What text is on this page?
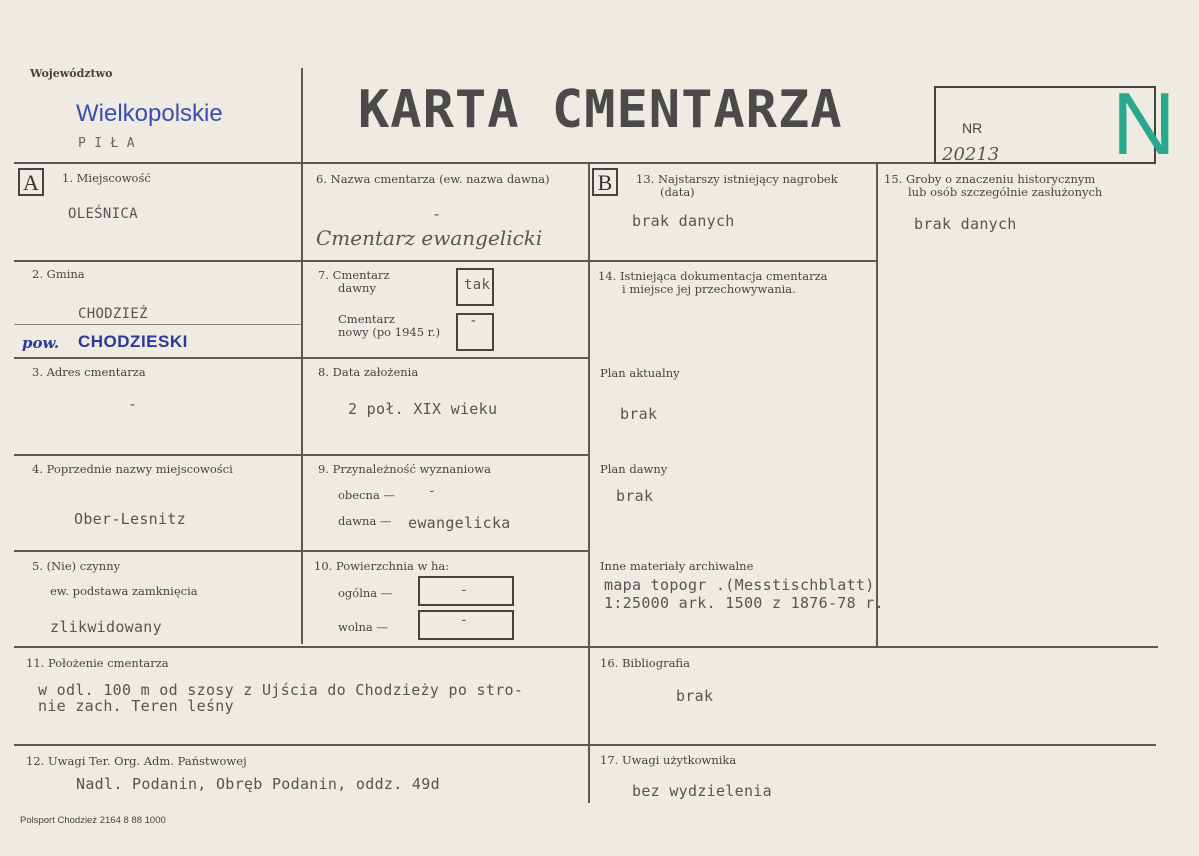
Województwo
Wielkopolskie
P I Ł A
KARTA CMENTARZA	NR
20213 N
A	B
1. Miejscowość
OLEŚNICA
2. Gmina
CHODZIEŻ
pow. CHODZIESKI
3. Adres cmentarza
-
4. Poprzednie nazwy miejscowości
Ober-Lesnitz
5. (Nie) czynny
ew. podstawa zamknięcia
zlikwidowany
6. Nazwa cmentarza (ew. nazwa dawna)
-
Cmentarz ewangelicki
7. Cmentarz
dawny	tak
Cmentarz
nowy (po 1945 r.)
-
8. Data założenia
2 poł. XIX wieku
9. Przynależność wyznaniowa
obecna —	-
dawna — ewangelicka
10. Powierzchnia w ha:
ogólna —	-
wolna —	-
11. Położenie cmentarza
w odl. 100 m od szosy z Ujścia do Chodzieży po stro-
nie zach. Teren leśny
12. Uwagi Ter. Org. Adm. Państwowej
Nadl. Podanin, Obręb Podanin, oddz. 49d
13. Najstarszy istniejący nagrobek
(data)
brak danych
14. Istniejąca dokumentacja cmentarza
i miejsce jej przechowywania.
Plan aktualny
brak
Plan dawny
brak
Inne materiały archiwalne
mapa topogr .(Messtischblatt)
1:25000 ark. 1500 z 1876-78 r.
15. Groby o znaczeniu historycznym
lub osób szczególnie zasłużonych
brak danych
16. Bibliografia
brak
17. Uwagi użytkownika
bez wydzielenia
Polsport Chodzież 2164 8 88 1000
